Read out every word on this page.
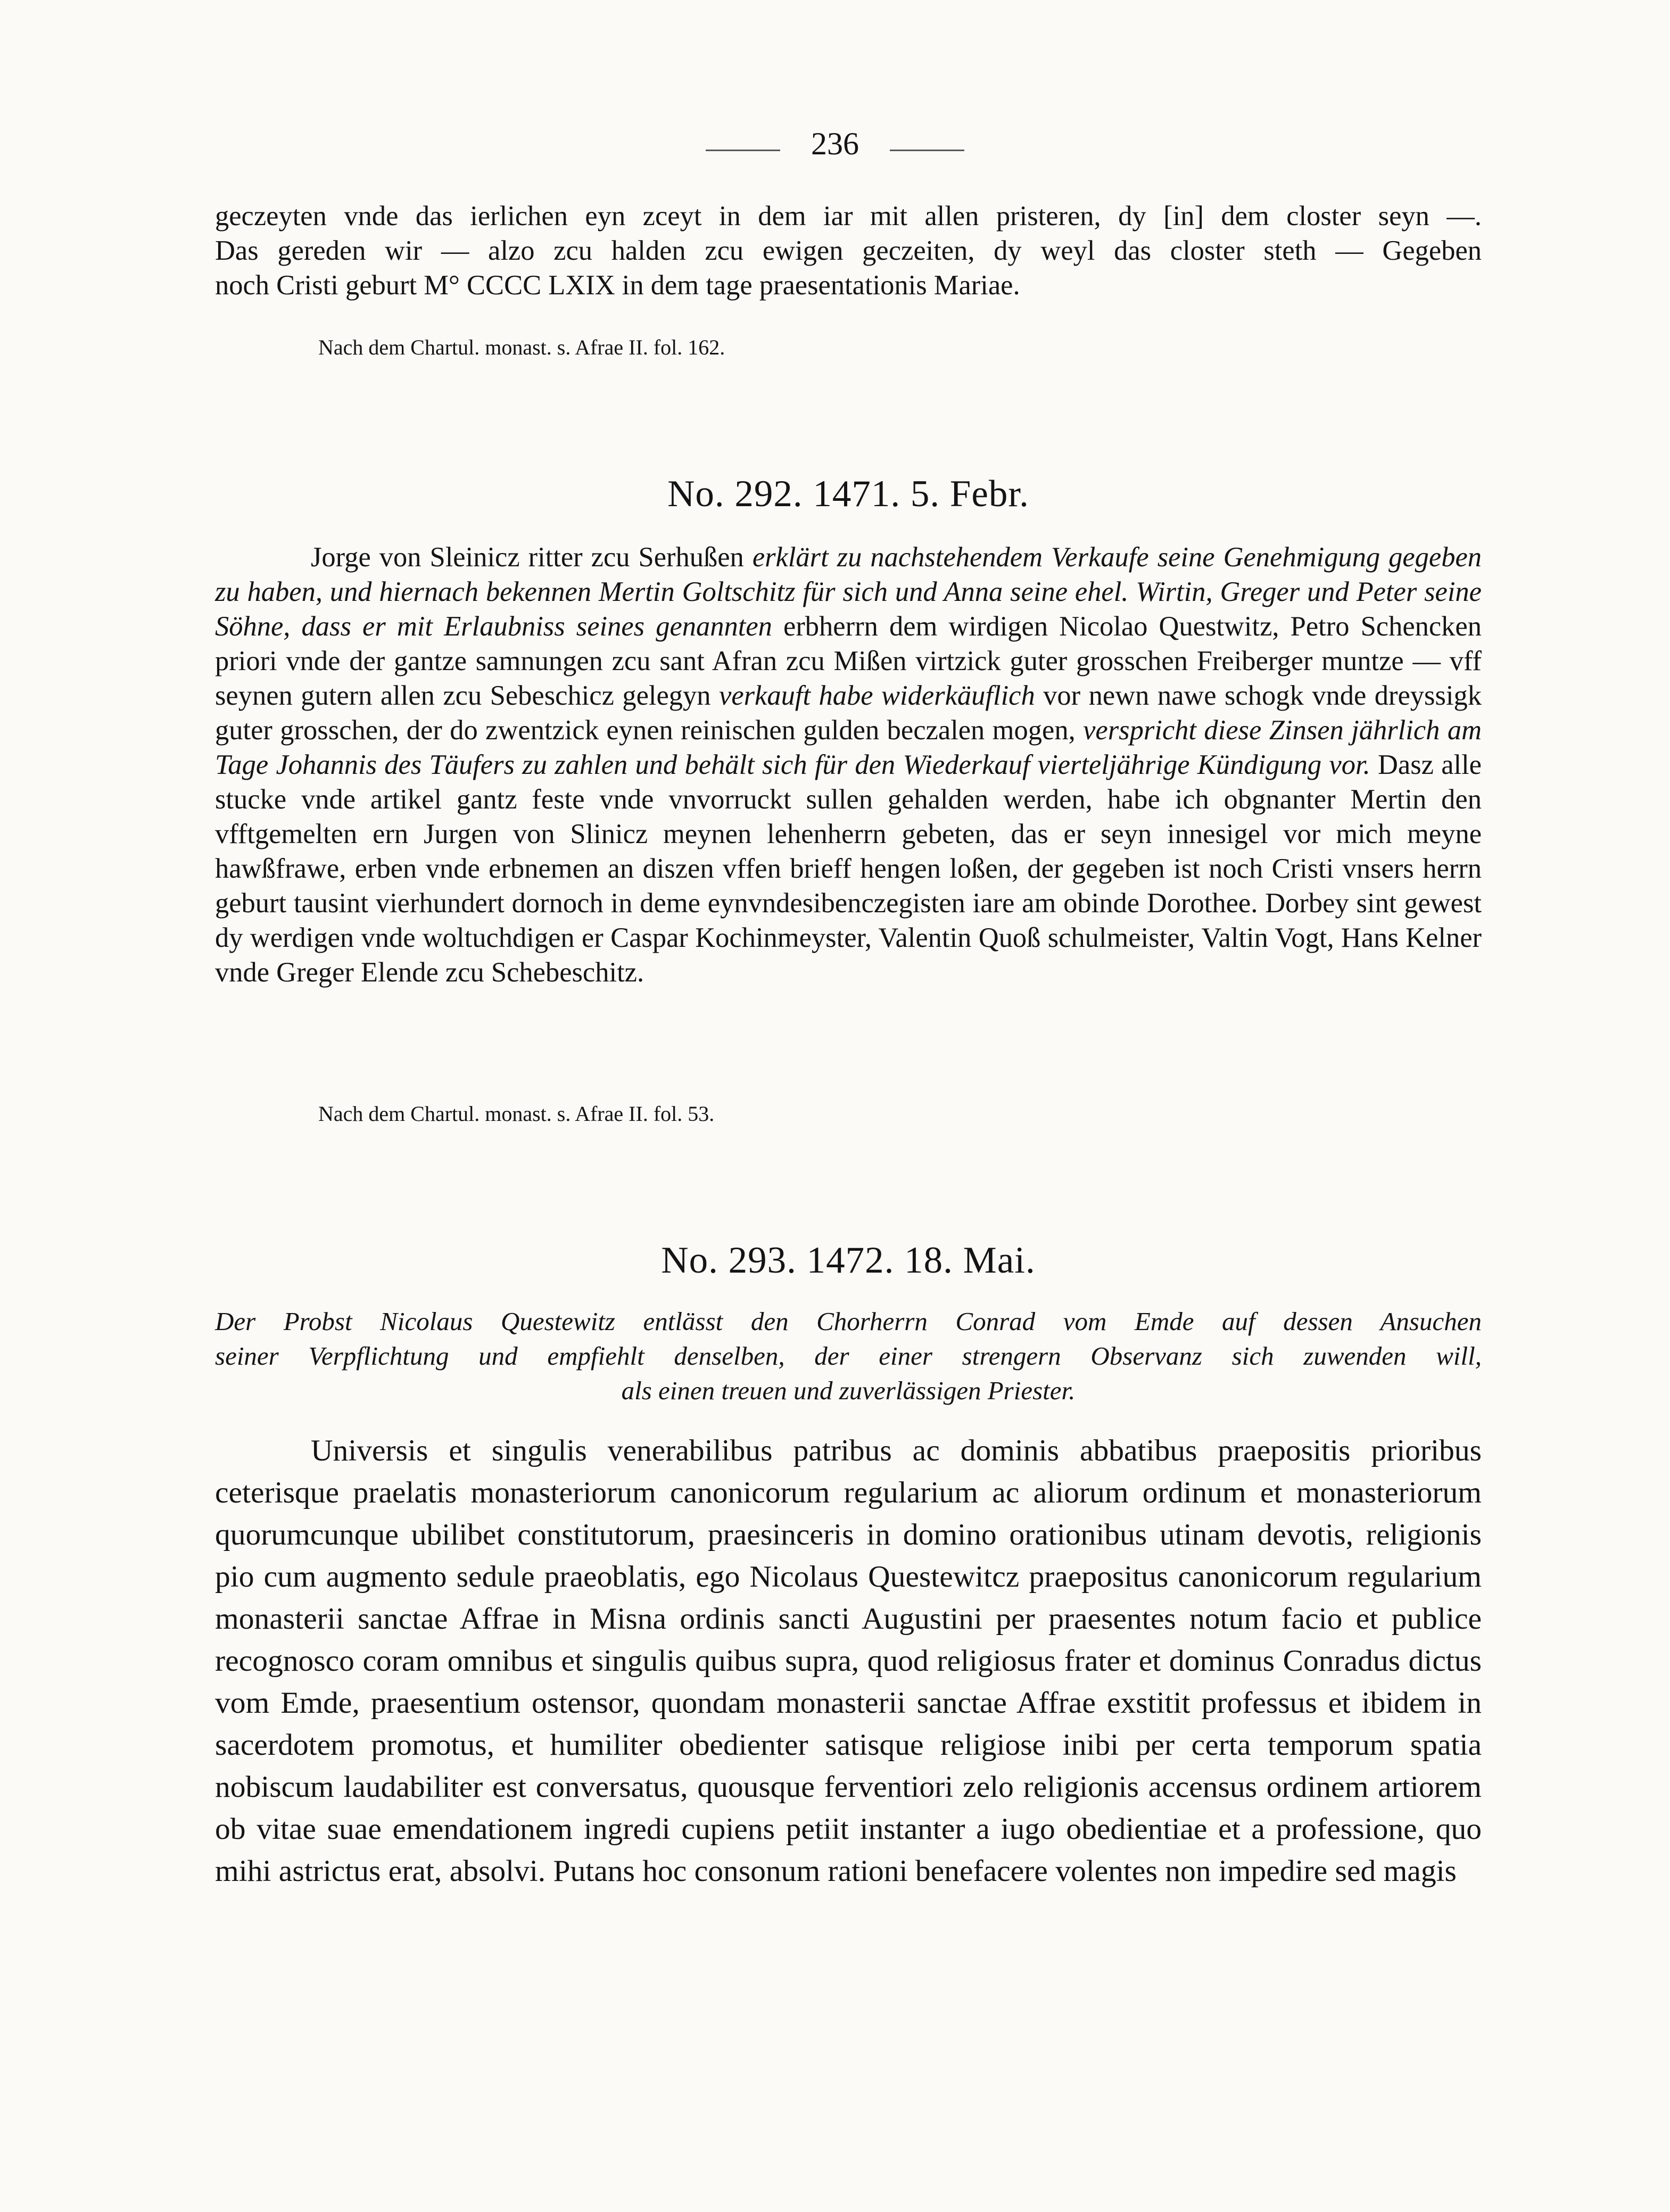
236
geczeyten vnde das ierlichen eyn zceyt in dem iar mit allen pristeren, dy [in] dem closter seyn —.
Das gereden wir — alzo zcu halden zcu ewigen geczeiten, dy weyl das closter steth — Gegeben
noch Cristi geburt M° CCCC LXIX in dem tage praesentationis Mariae.
Nach dem Chartul. monast. s. Afrae II. fol. 162.
No. 292. 1471. 5. Febr.

Jorge von Sleinicz ritter zcu Serhußen erklärt zu nachstehendem Verkaufe seine Genehmigung gegeben zu haben, und hiernach bekennen Mertin Goltschitz für sich und Anna seine ehel. Wirtin, Greger und Peter seine Söhne, dass er mit Erlaubniss seines genannten erbherrn dem wirdigen Nicolao Questwitz, Petro Schencken priori vnde der gantze samnungen zcu sant Afran zcu Mißen virtzick guter grosschen Freiberger muntze — vff seynen gutern allen zcu Sebeschicz gelegyn verkauft habe widerkäuflich vor newn nawe schogk vnde dreyssigk guter grosschen, der do zwentzick eynen reinischen gulden beczalen mogen, verspricht diese Zinsen jährlich am Tage Johannis des Täufers zu zahlen und behält sich für den Wiederkauf vierteljährige Kündigung vor. Dasz alle stucke vnde artikel gantz feste vnde vnvorruckt sullen gehalden werden, habe ich obgnanter Mertin den vfftgemelten ern Jurgen von Slinicz meynen lehenherrn gebeten, das er seyn innesigel vor mich meyne hawßfrawe, erben vnde erbnemen an diszen vffen brieff hengen loßen, der gegeben ist noch Cristi vnsers herrn geburt tausint vierhundert dornoch in deme eynvndesibenczegisten iare am obinde Dorothee. Dorbey sint gewest dy werdigen vnde woltuchdigen er Caspar Kochinmeyster, Valentin Quoß schulmeister, Valtin Vogt, Hans Kelner vnde Greger Elende zcu Schebeschitz.

Nach dem Chartul. monast. s. Afrae II. fol. 53.
No. 293. 1472. 18. Mai.
Der Probst Nicolaus Questewitz entlässt den Chorherrn Conrad vom Emde auf dessen Ansuchen
seiner Verpflichtung und empfiehlt denselben, der einer strengern Observanz sich zuwenden will,
als einen treuen und zuverlässigen Priester.

Universis et singulis venerabilibus patribus ac dominis abbatibus praepositis prioribus ceterisque praelatis monasteriorum canonicorum regularium ac aliorum ordinum et monasteriorum quorumcunque ubilibet constitutorum, praesinceris in domino orationibus utinam devotis, religionis pio cum augmento sedule praeoblatis, ego Nicolaus Questewitcz praepositus canonicorum regularium monasterii sanctae Affrae in Misna ordinis sancti Augustini per praesentes notum facio et publice recognosco coram omnibus et singulis quibus supra, quod religiosus frater et dominus Conradus dictus vom Emde, praesentium ostensor, quondam monasterii sanctae Affrae exstitit professus et ibidem in sacerdotem promotus, et humiliter obedienter satisque religiose inibi per certa temporum spatia nobiscum laudabiliter est conversatus, quousque ferventiori zelo religionis accensus ordinem artiorem ob vitae suae emendationem ingredi cupiens petiit instanter a iugo obedientiae et a professione, quo mihi astrictus erat, absolvi. Putans hoc consonum rationi benefacere volentes non impedire sed magis
